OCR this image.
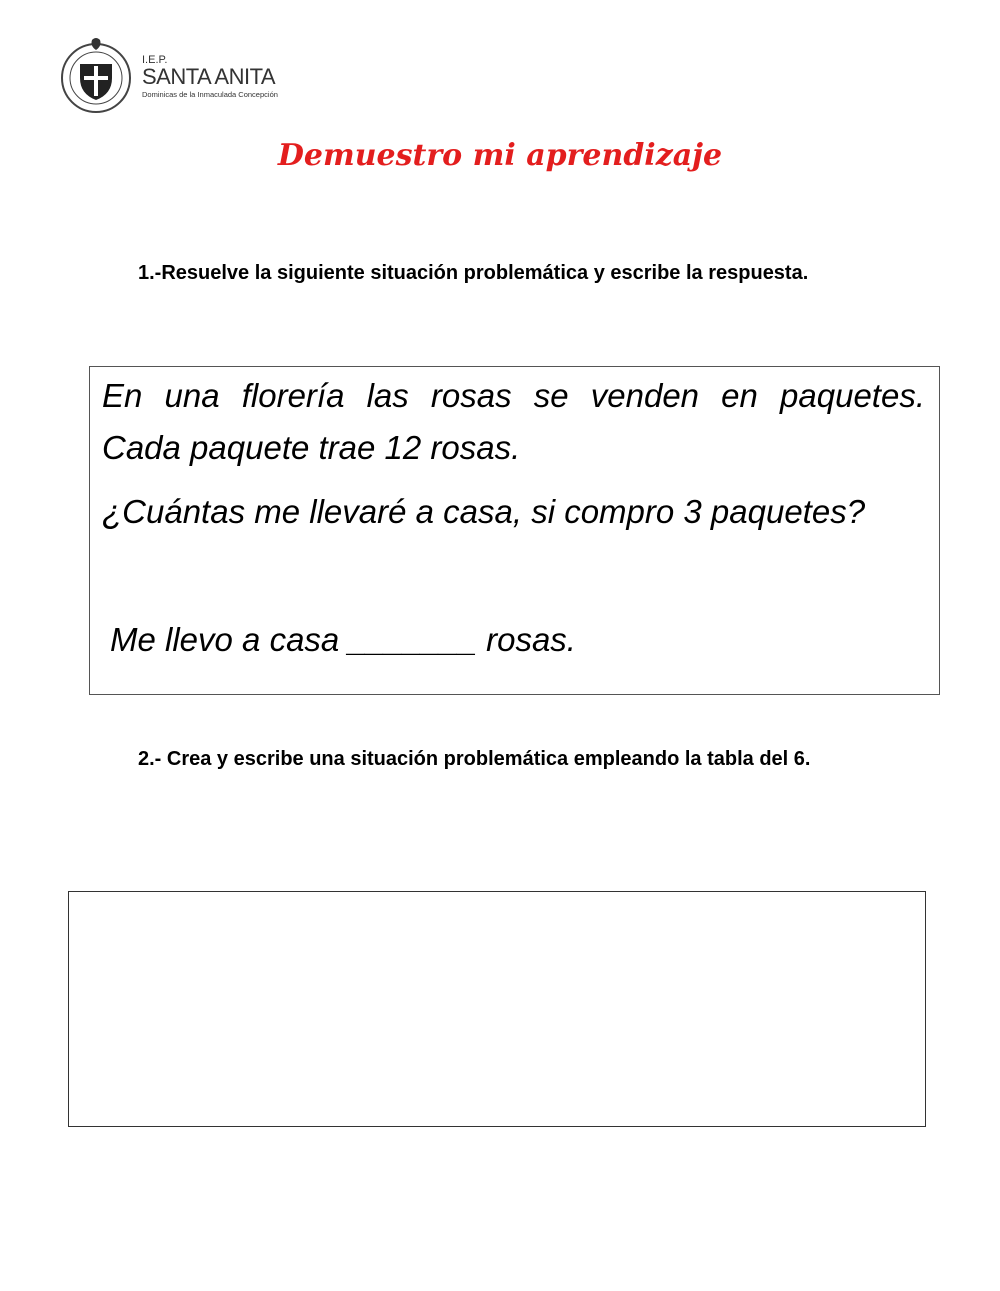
I.E.P.
SANTA ANITA
Dominicas de la Inmaculada Concepción
Demuestro mi aprendizaje
1.-Resuelve la siguiente situación problemática y escribe la respuesta.

En una florería las rosas se venden en paquetes.

Cada paquete trae 12 rosas.

¿Cuántas me llevaré a casa, si compro 3 paquetes?

Me llevo a casa _______ rosas.

2.- Crea y escribe una situación problemática empleando la tabla del 6.
